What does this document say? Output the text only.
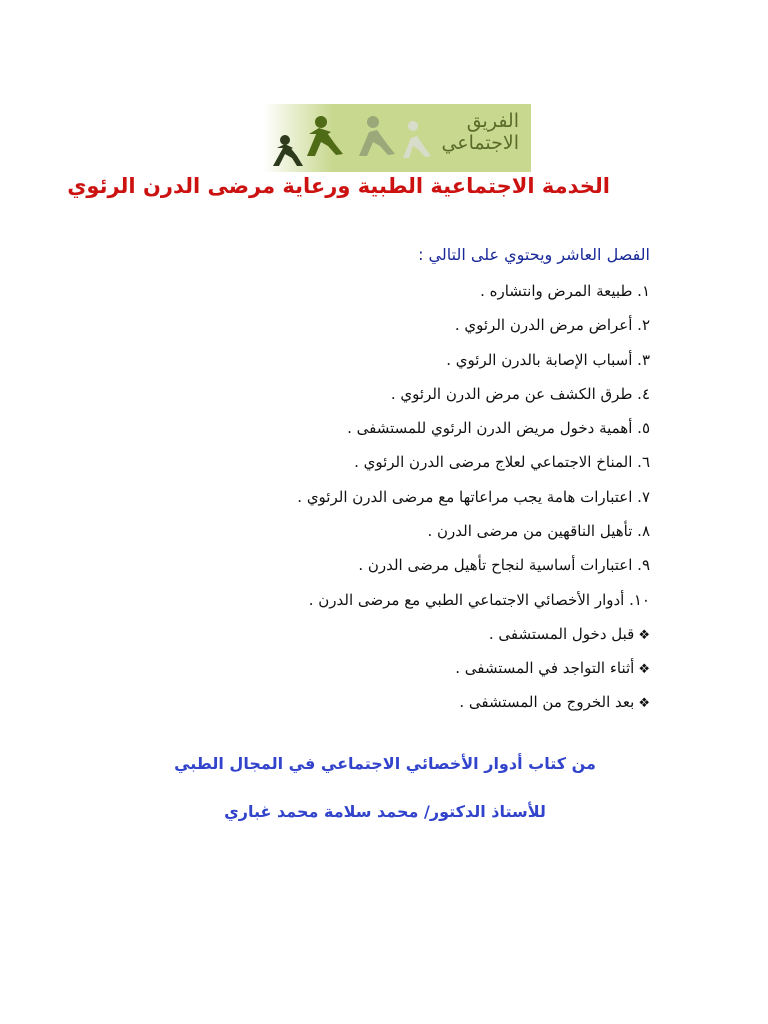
الفريق
الاجتماعي
الخدمة الاجتماعية الطبية ورعاية مرضى الدرن الرئوي
الفصل العاشر ويحتوي على التالي :
١. طبيعة المرض وانتشاره .
٢. أعراض مرض الدرن الرئوي .
٣. أسباب الإصابة بالدرن الرئوي .
٤. طرق الكشف عن مرض الدرن الرئوي .
٥. أهمية دخول مريض الدرن الرئوي للمستشفى .
٦. المناخ الاجتماعي لعلاج مرضى الدرن الرئوي .
٧. اعتبارات هامة يجب مراعاتها مع مرضى الدرن الرئوي .
٨. تأهيل الناقهين من مرضى الدرن .
٩. اعتبارات أساسية لنجاح تأهيل مرضى الدرن .
١٠. أدوار الأخصائي الاجتماعي الطبي مع مرضى الدرن .
❖قبل دخول المستشفى .
❖أثناء التواجد في المستشفى .
❖بعد الخروج من المستشفى .
من كتاب أدوار الأخصائي الاجتماعي في المجال الطبي
للأستاذ الدكتور/ محمد سلامة محمد غباري
